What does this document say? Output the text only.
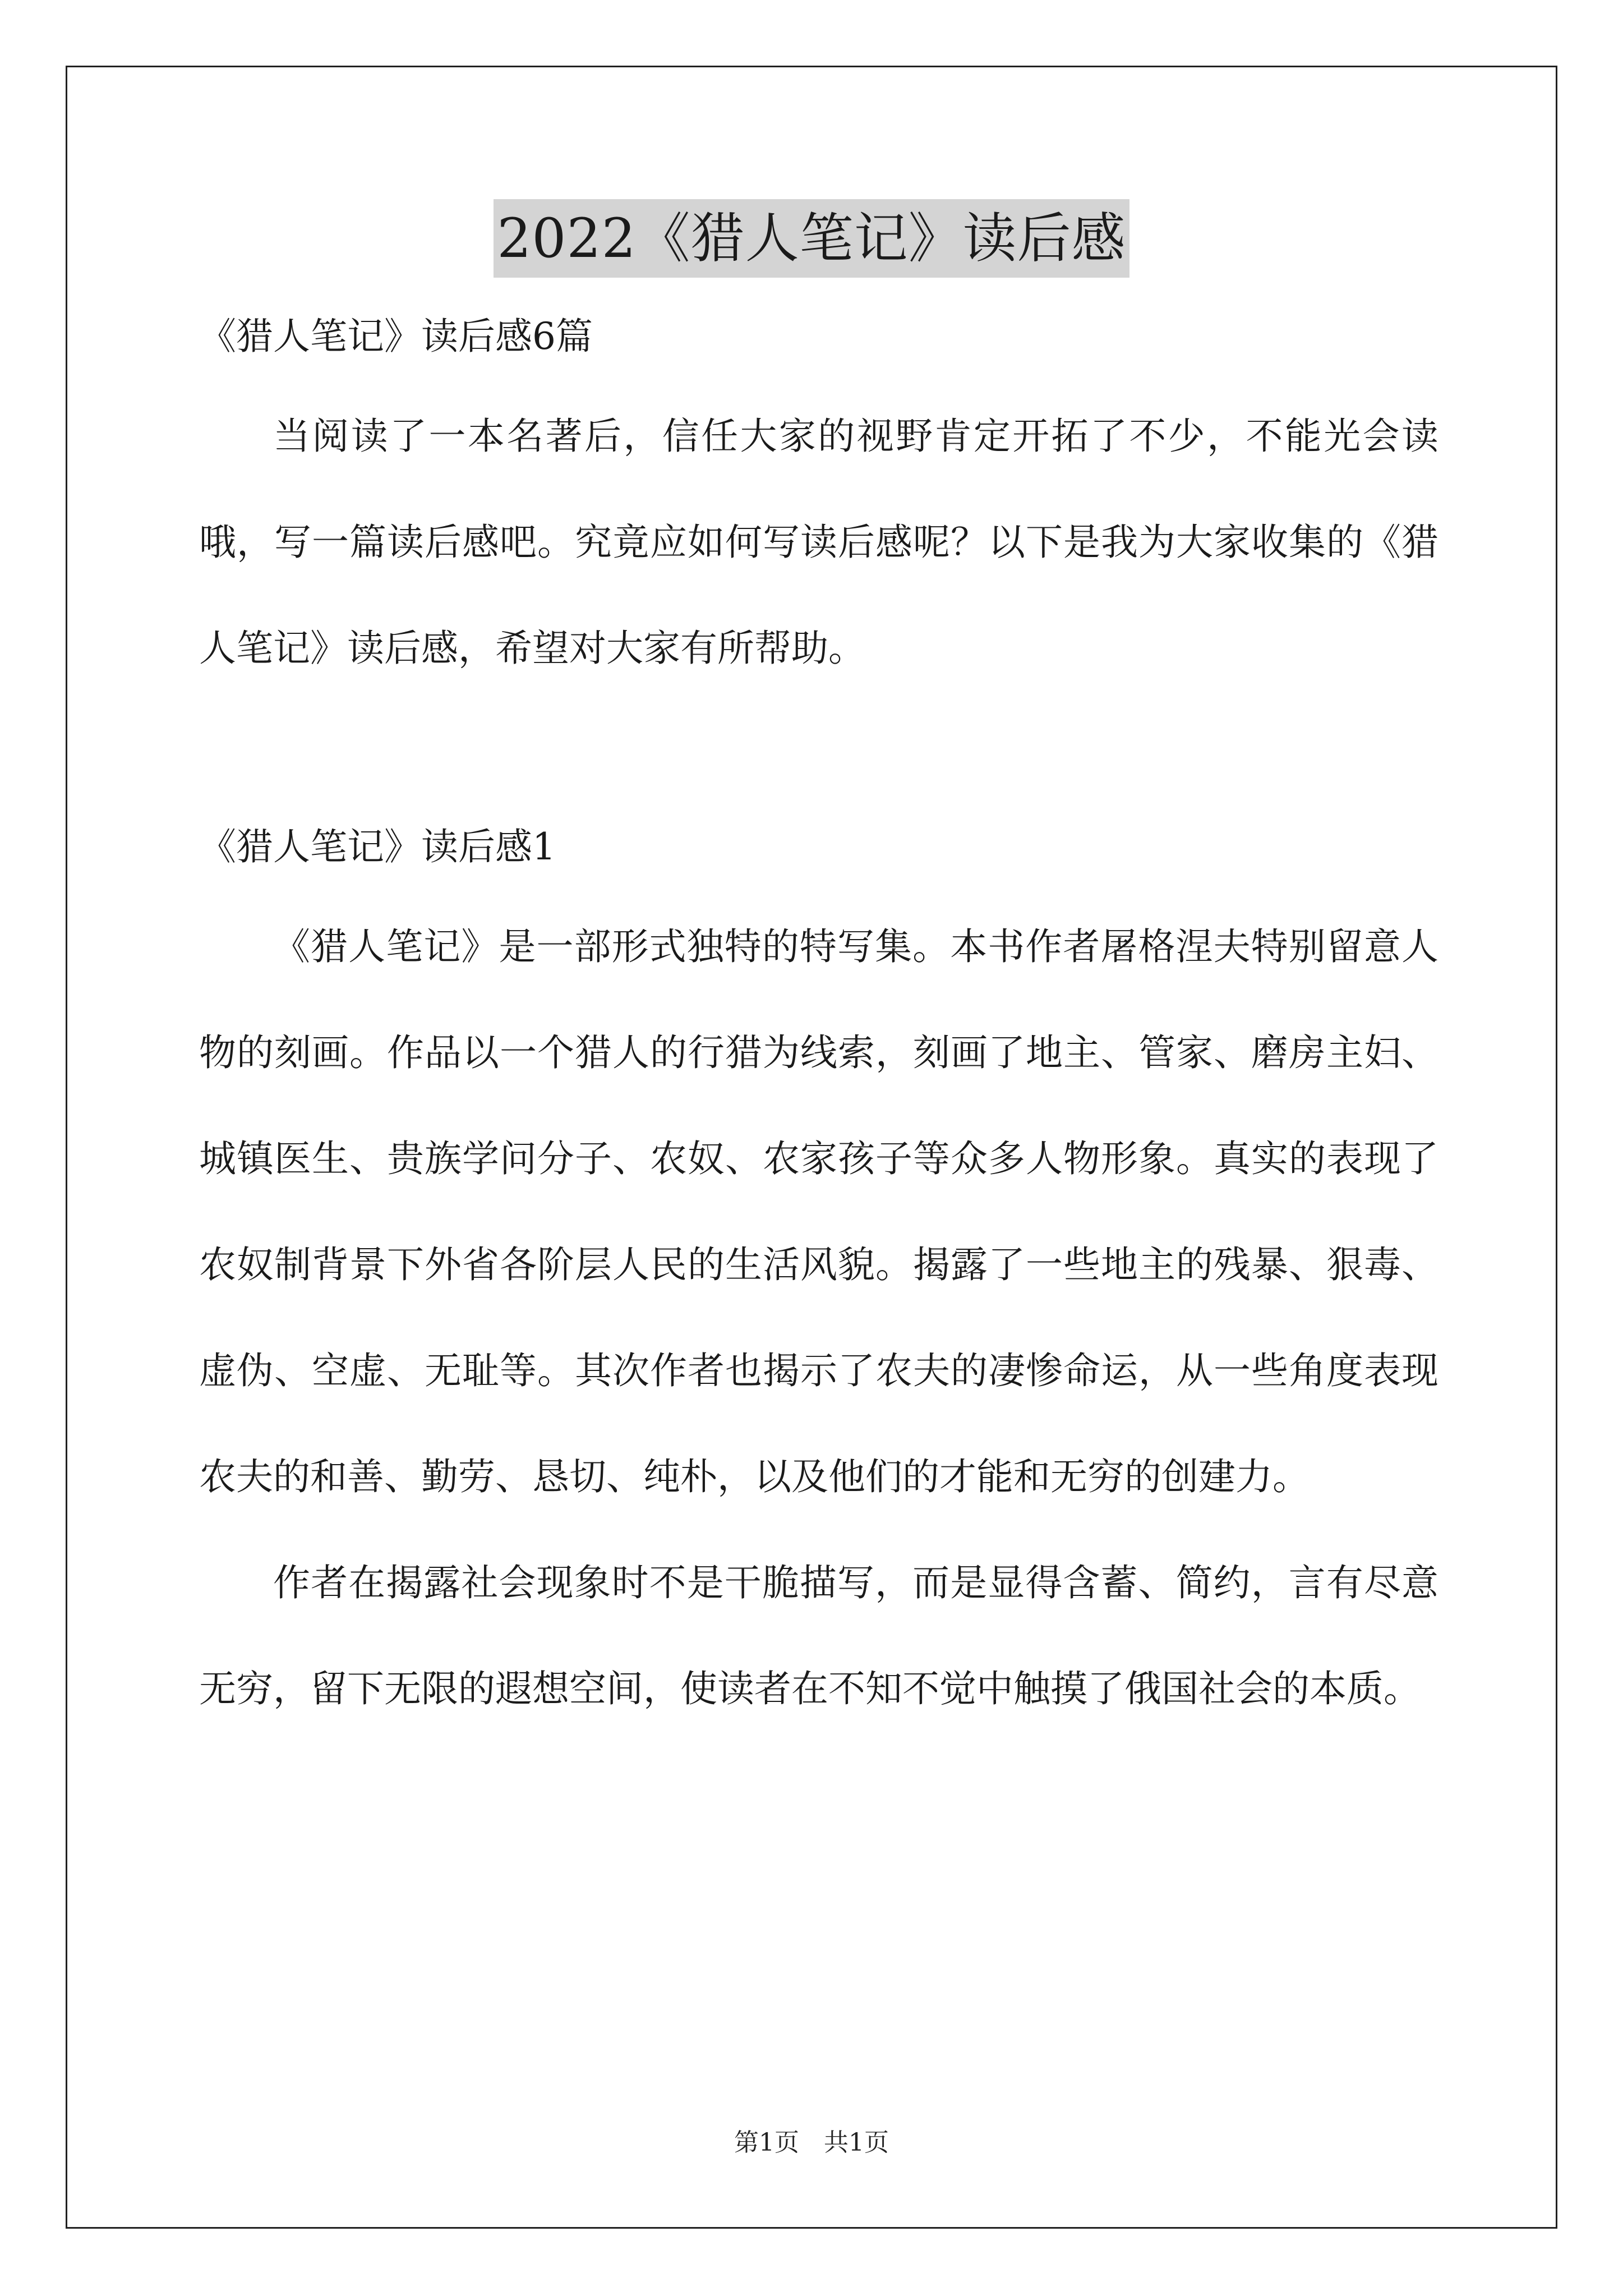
2022《猎人笔记》读后感

《猎人笔记》读后感6篇

当阅读了一本名著后，信任大家的视野肯定开拓了不少，不能光会读哦，写一篇读后感吧。究竟应如何写读后感呢？以下是我为大家收集的《猎人笔记》读后感，希望对大家有所帮助。

《猎人笔记》读后感1

《猎人笔记》是一部形式独特的特写集。本书作者屠格涅夫特别留意人物的刻画。作品以一个猎人的行猎为线索，刻画了地主、管家、磨房主妇、城镇医生、贵族学问分子、农奴、农家孩子等众多人物形象。真实的表现了农奴制背景下外省各阶层人民的生活风貌。揭露了一些地主的残暴、狠毒、虚伪、空虚、无耻等。其次作者也揭示了农夫的凄惨命运，从一些角度表现农夫的和善、勤劳、恳切、纯朴，以及他们的才能和无穷的创建力。

作者在揭露社会现象时不是干脆描写，而是显得含蓄、简约，言有尽意无穷，留下无限的遐想空间，使读者在不知不觉中触摸了俄国社会的本质。

第1页　共1页
